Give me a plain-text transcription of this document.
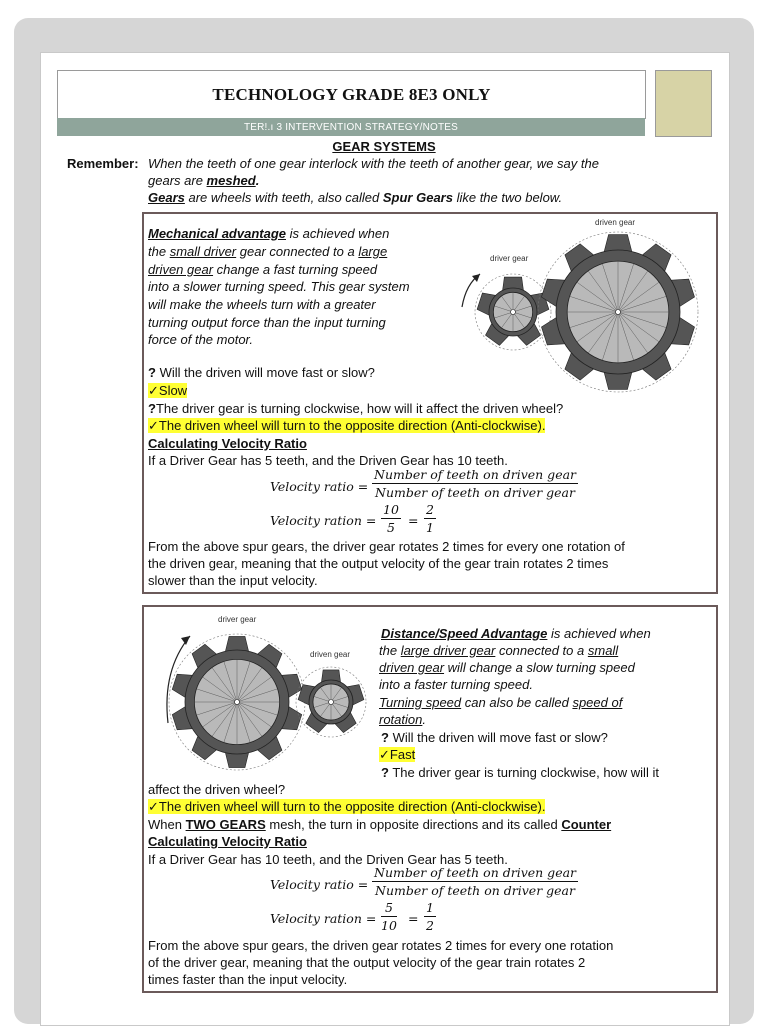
TECHNOLOGY GRADE 8E3 ONLY
TER!.ı 3 INTERVENTION STRATEGY/NOTES
GEAR SYSTEMS
Remember: When the teeth of one gear interlock with the teeth of another gear, we say the
gears are meshed.
Gears are wheels with teeth, also called Spur Gears like the two below.
Mechanical advantage is achieved when
the small driver gear connected to a large
driven gear change a fast turning speed
into a slower turning speed. This gear system
will make the wheels turn with a greater
turning output force than the input turning
force of the motor.
? Will the driven will move fast or slow?
✓Slow
?The driver gear is turning clockwise, how will it affect the driven wheel?
✓The driven wheel will turn to the opposite direction (Anti-clockwise).
Calculating Velocity Ratio
If a Driver Gear has 5 teeth, and the Driven Gear has 10 teeth.
Velocity ratio =
Number of teeth on driven gear
Number of teeth on driver gear
Velocity ration = $\frac{10}{5} = \frac{2}{1}$
From the above spur gears, the driver gear rotates 2 times for every one rotation of
the driven gear, meaning that the output velocity of the gear train rotates 2 times
slower than the input velocity.
driver gear
driven gear
driver gear
driven gear
Distance/Speed Advantage is achieved when
the large driver gear connected to a small
driven gear will change a slow turning speed
into a faster turning speed.
Turning speed can also be called speed of
rotation.
? Will the driven will move fast or slow?
✓Fast
? The driver gear is turning clockwise, how will it
affect the driven wheel?
✓The driven wheel will turn to the opposite direction (Anti-clockwise).
When TWO GEARS mesh, the turn in opposite directions and its called Counter
Calculating Velocity Ratio
If a Driver Gear has 10 teeth, and the Driven Gear has 5 teeth.
Velocity ratio =
Number of teeth on driven gear
Number of teeth on driver gear
Velocity ration = $\frac{5}{10} = \frac{1}{2}$
From the above spur gears, the driven gear rotates 2 times for every one rotation
of the driver gear, meaning that the output velocity of the gear train rotates 2
times faster than the input velocity.
